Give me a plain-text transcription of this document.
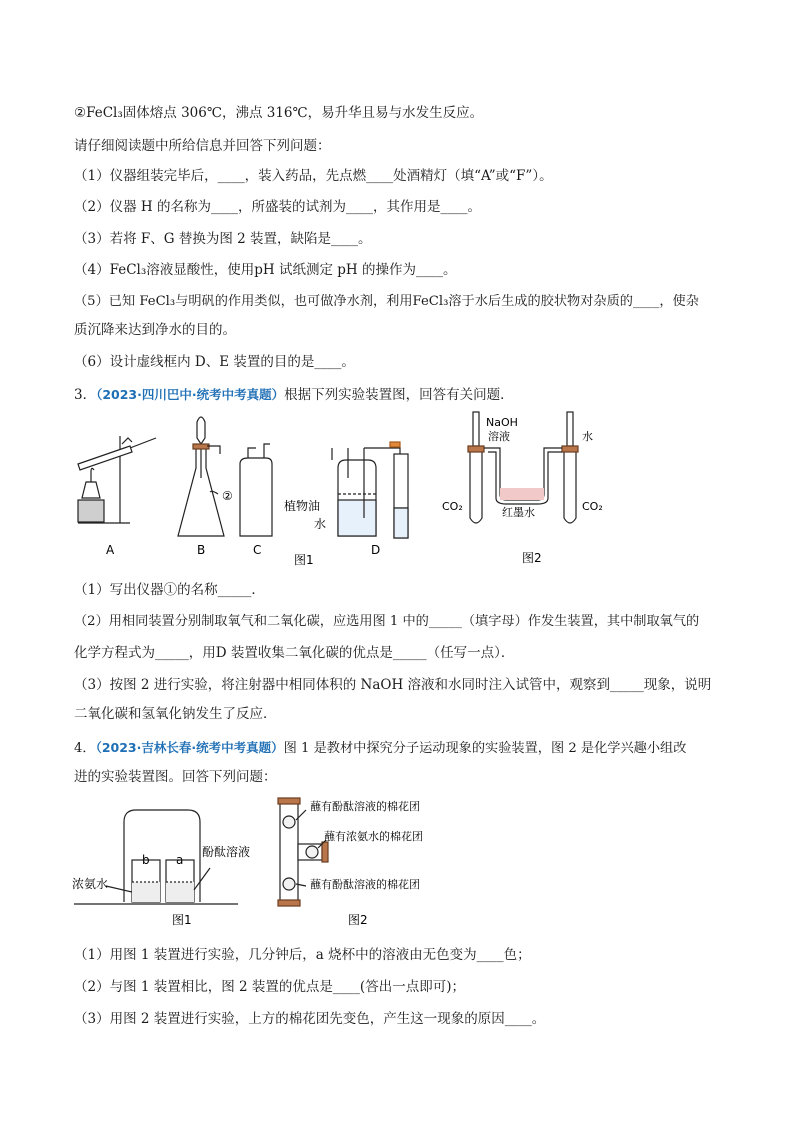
②FeCl₃固体熔点 306℃，沸点 316℃，易升华且易与水发生反应。
请仔细阅读题中所给信息并回答下列问题：
（1）仪器组装完毕后，____，装入药品，先点燃____处酒精灯（填“A”或“F”）。
（2）仪器 H 的名称为____，所盛装的试剂为____，其作用是____。
（3）若将 F、G 替换为图 2 装置，缺陷是____。
（4）FeCl₃溶液显酸性，使用pH 试纸测定 pH 的操作为____。
（5）已知 FeCl₃与明矾的作用类似，也可做净水剂，利用FeCl₃溶于水后生成的胶状物对杂质的____，使杂
质沉降来达到净水的目的。
（6）设计虚线框内 D、E 装置的目的是____。
3．（2023·四川巴中·统考中考真题）根据下列实验装置图，回答有关问题．
A	B	C	D
②
植物油
水
图1
NaOH
溶液	水
CO₂	CO₂
红墨水
图2
（1）写出仪器①的名称_____．
（2）用相同装置分别制取氧气和二氧化碳，应选用图 1 中的_____（填字母）作发生装置，其中制取氧气的
化学方程式为_____，用D 装置收集二氧化碳的优点是_____（任写一点）．
（3）按图 2 进行实验，将注射器中相同体积的 NaOH 溶液和水同时注入试管中，观察到_____现象，说明
二氧化碳和氢氧化钠发生了反应．
4．（2023·吉林长春·统考中考真题）图 1 是教材中探究分子运动现象的实验装置，图 2 是化学兴趣小组改
进的实验装置图。回答下列问题：
b a
浓氨水
酚酞溶液
图1
蘸有酚酞溶液的棉花团
蘸有浓氨水的棉花团
蘸有酚酞溶液的棉花团
图2
（1）用图 1 装置进行实验，几分钟后，a 烧杯中的溶液由无色变为____色；
（2）与图 1 装置相比，图 2 装置的优点是____(答出一点即可)；
（3）用图 2 装置进行实验，上方的棉花团先变色，产生这一现象的原因____。
